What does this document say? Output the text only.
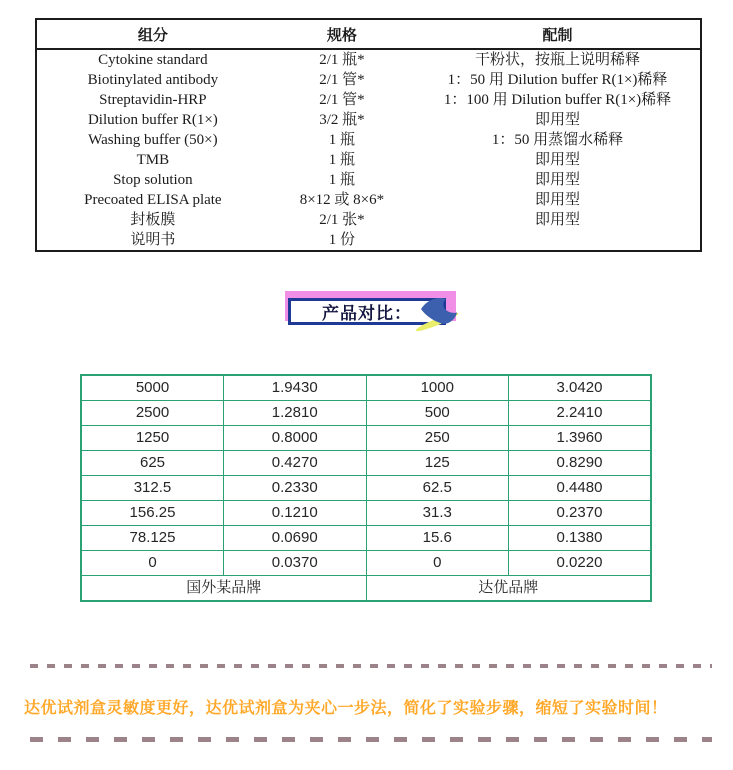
组分	规格	配制
Cytokine standard	2/1 瓶*	干粉状，按瓶上说明稀释
Biotinylated antibody	2/1 管*	1：50 用 Dilution buffer R(1×)稀释
Streptavidin-HRP	2/1 管*	1：100 用 Dilution buffer R(1×)稀释
Dilution buffer R(1×)	3/2 瓶*	即用型
Washing buffer (50×)	1 瓶	1：50 用蒸馏水稀释
TMB	1 瓶	即用型
Stop solution	1 瓶	即用型
Precoated ELISA plate	8×12 或 8×6*	即用型
封板膜	2/1 张*	即用型
说明书	1 份	
产品对比：
5000	1.9430	1000	3.0420
2500	1.2810	500	2.2410
1250	0.8000	250	1.3960
625	0.4270	125	0.8290
312.5	0.2330	62.5	0.4480
156.25	0.1210	31.3	0.2370
78.125	0.0690	15.6	0.1380
0	0.0370	0	0.0220
国外某品牌		达优品牌	
达优试剂盒灵敏度更好，达优试剂盒为夹心一步法，简化了实验步骤，缩短了实验时间！
